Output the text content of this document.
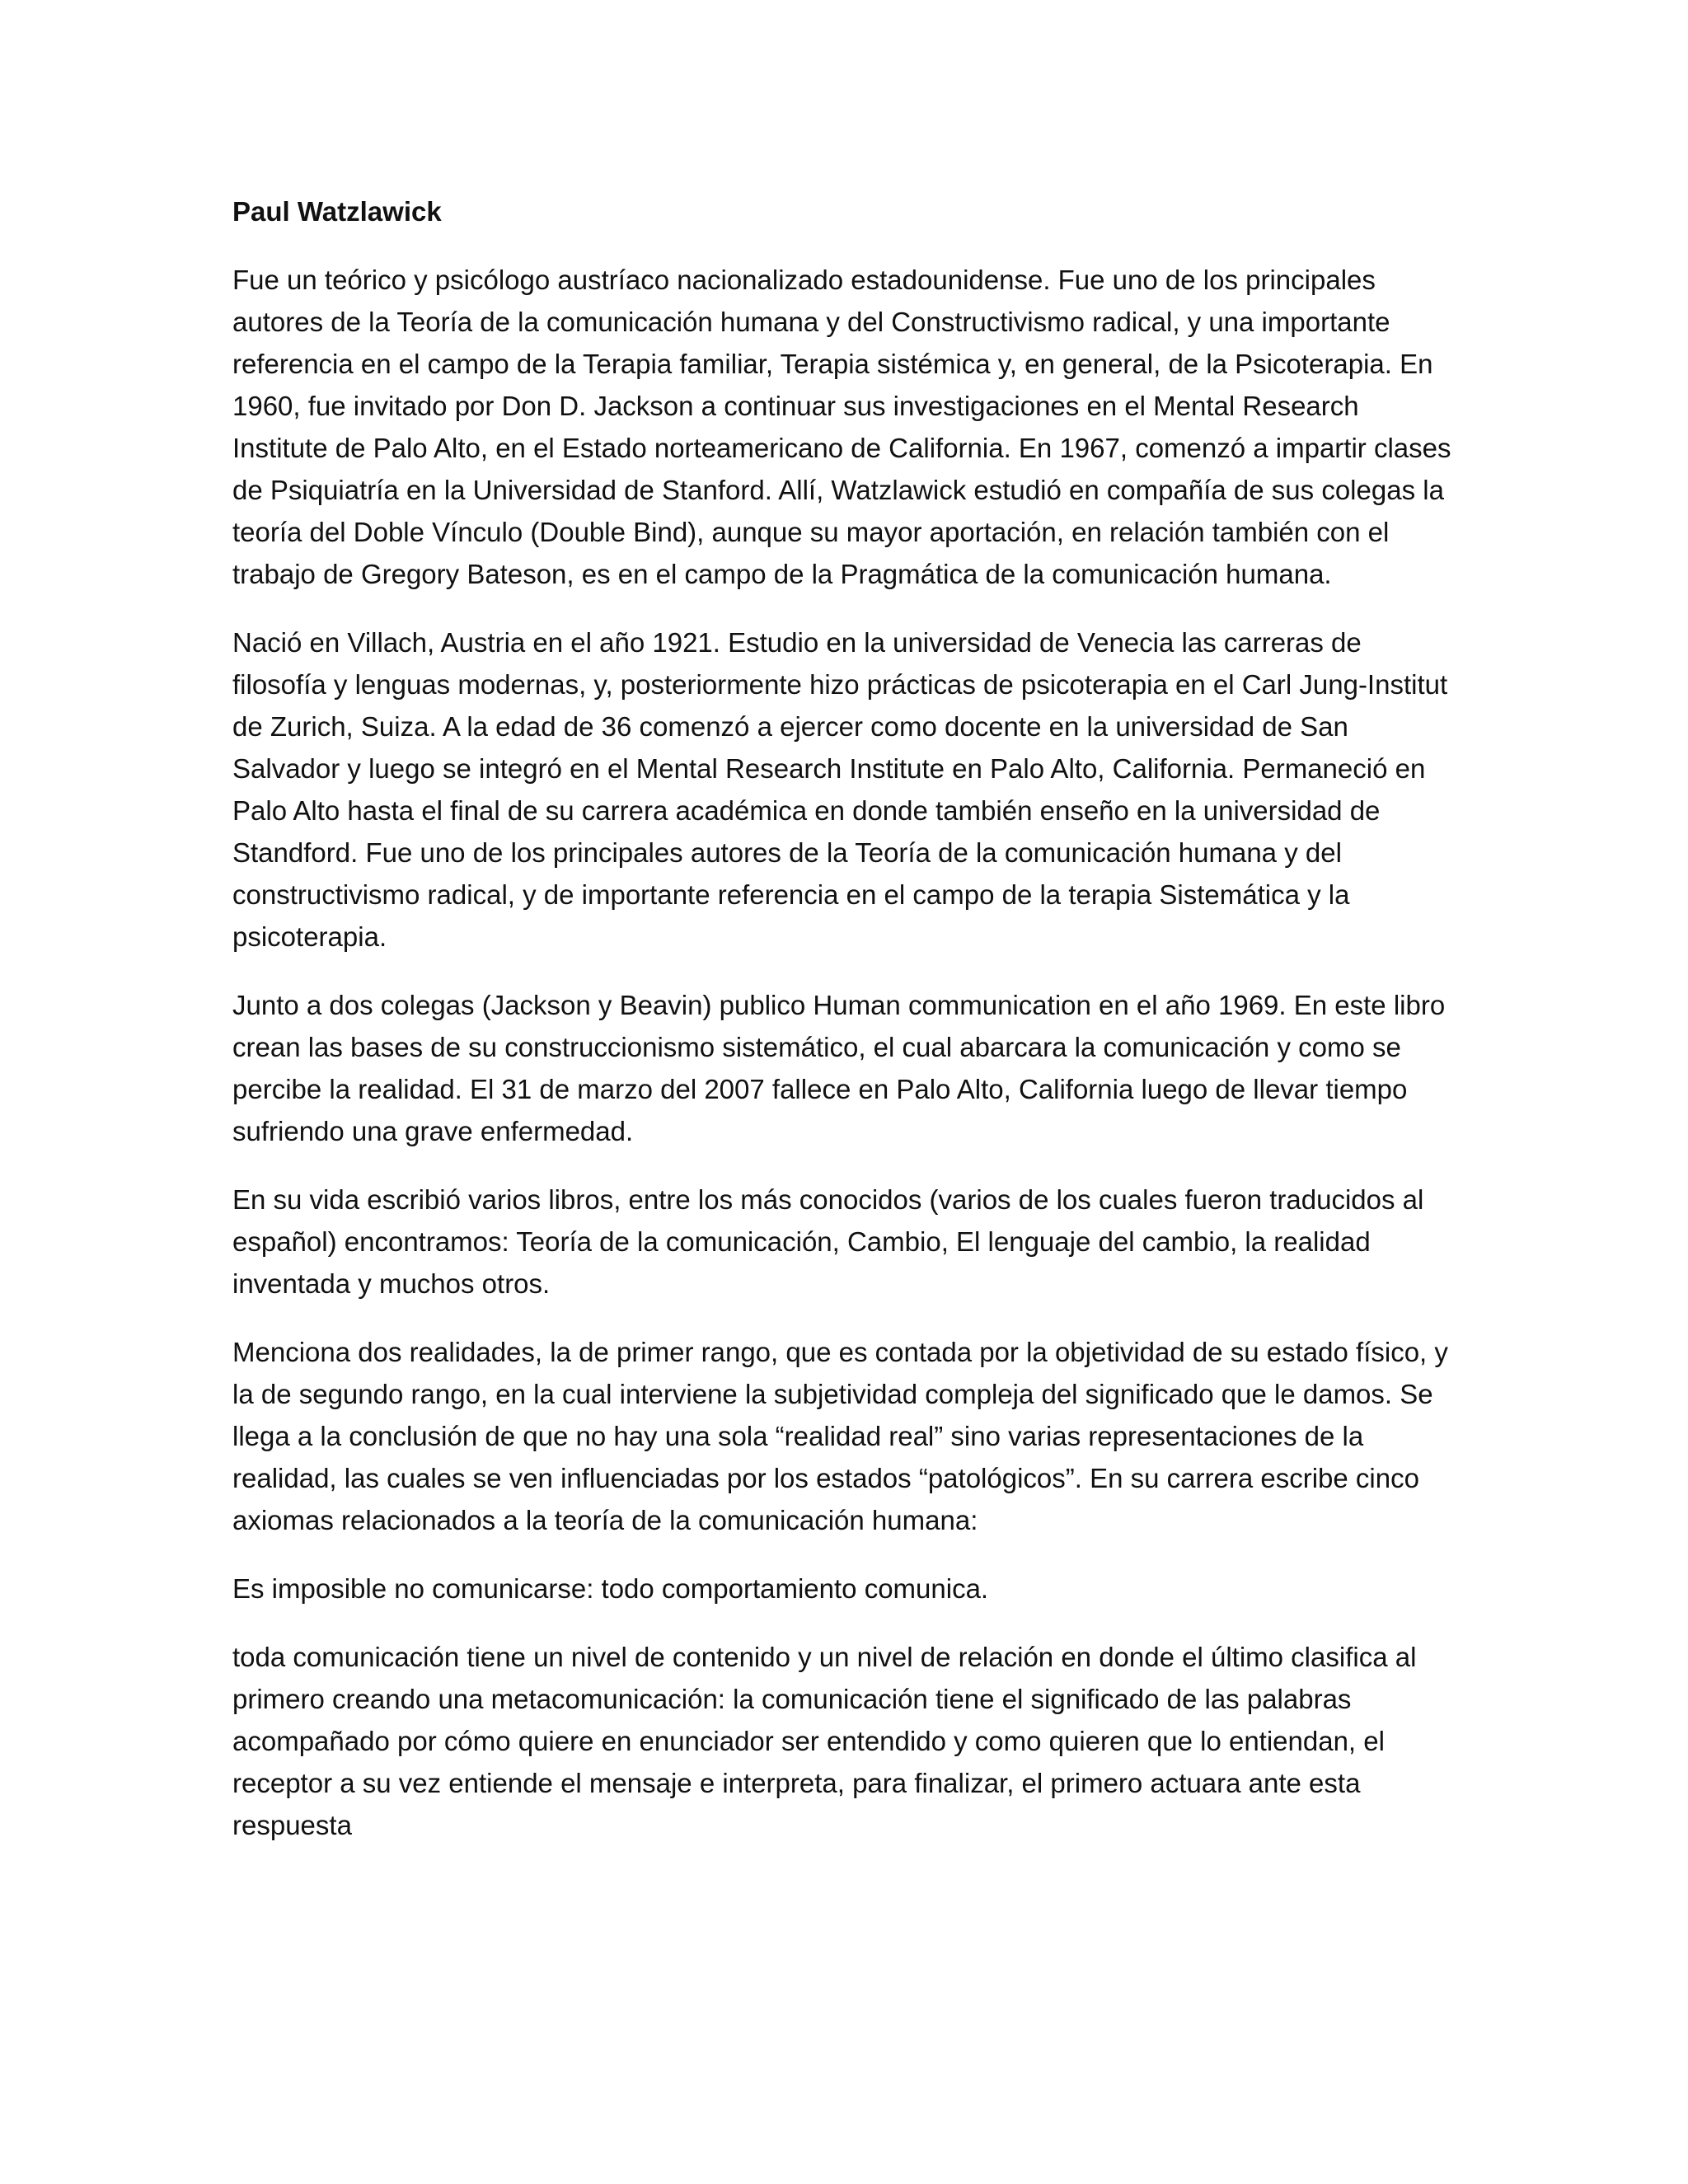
Paul Watzlawick

Fue un teórico y psicólogo austríaco nacionalizado estadounidense. Fue uno de los principales autores de la Teoría de la comunicación humana y del Constructivismo radical, y una importante referencia en el campo de la Terapia familiar, Terapia sistémica y, en general, de la Psicoterapia. En 1960, fue invitado por Don D. Jackson a continuar sus investigaciones en el Mental Research Institute de Palo Alto, en el Estado norteamericano de California. En 1967, comenzó a impartir clases de Psiquiatría en la Universidad de Stanford. Allí, Watzlawick estudió en compañía de sus colegas la teoría del Doble Vínculo (Double Bind), aunque su mayor aportación, en relación también con el trabajo de Gregory Bateson, es en el campo de la Pragmática de la comunicación humana.

Nació en Villach, Austria en el año 1921. Estudio en la universidad de Venecia las carreras de filosofía y lenguas modernas, y, posteriormente hizo prácticas de psicoterapia en el Carl Jung-Institut de Zurich, Suiza. A la edad de 36 comenzó a ejercer como docente en la universidad de San Salvador y luego se integró en el Mental Research Institute en Palo Alto, California. Permaneció en Palo Alto hasta el final de su carrera académica en donde también enseño en la universidad de Standford. Fue uno de los principales autores de la Teoría de la comunicación humana y del constructivismo radical, y de importante referencia en el campo de la terapia Sistemática y la psicoterapia.

Junto a dos colegas (Jackson y Beavin) publico Human communication en el año 1969. En este libro crean las bases de su construccionismo sistemático, el cual abarcara la comunicación y como se percibe la realidad. El 31 de marzo del 2007 fallece en Palo Alto, California luego de llevar tiempo sufriendo una grave enfermedad.

En su vida escribió varios libros, entre los más conocidos (varios de los cuales fueron traducidos al español) encontramos: Teoría de la comunicación, Cambio, El lenguaje del cambio, la realidad inventada y muchos otros.

Menciona dos realidades, la de primer rango, que es contada por la objetividad de su estado físico, y la de segundo rango, en la cual interviene la subjetividad compleja del significado que le damos. Se llega a la conclusión de que no hay una sola “realidad real” sino varias representaciones de la realidad, las cuales se ven influenciadas por los estados “patológicos”. En su carrera escribe cinco axiomas relacionados a la teoría de la comunicación humana:

Es imposible no comunicarse: todo comportamiento comunica.

toda comunicación tiene un nivel de contenido y un nivel de relación en donde el último clasifica al primero creando una metacomunicación: la comunicación tiene el significado de las palabras acompañado por cómo quiere en enunciador ser entendido y como quieren que lo entiendan, el receptor a su vez entiende el mensaje e interpreta, para finalizar, el primero actuara ante esta respuesta
